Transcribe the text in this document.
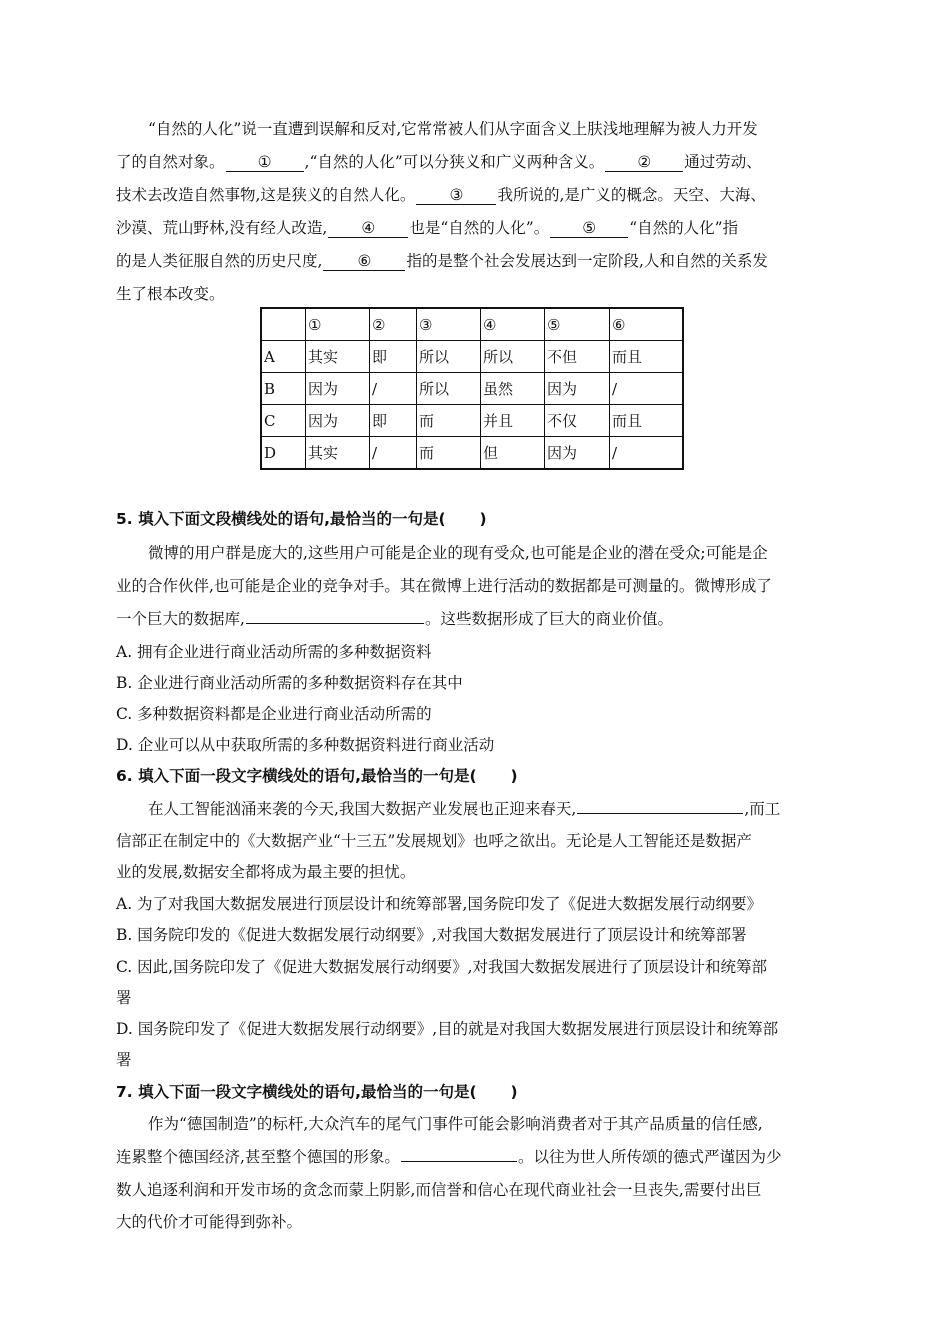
“自然的人化”说一直遭到误解和反对,它常常被人们从字面含义上肤浅地理解为被人力开发
了的自然对象。 ① ,“自然的人化”可以分狭义和广义两种含义。 ② 通过劳动、
技术去改造自然事物,这是狭义的自然人化。 ③ 我所说的,是广义的概念。天空、大海、
沙漠、荒山野林,没有经人改造, ④ 也是“自然的人化”。 ⑤ “自然的人化”指
的是人类征服自然的历史尺度, ⑥ 指的是整个社会发展达到一定阶段,人和自然的关系发
生了根本改变。
	①	②	③	④	⑤	⑥
A	其实	即	所以	所以	不但	而且
B	因为	/	所以	虽然	因为	/
C	因为	即	而	并且	不仅	而且
D	其实	/	而	但	因为	/
5. 填入下面文段横线处的语句,最恰当的一句是( )
微博的用户群是庞大的,这些用户可能是企业的现有受众,也可能是企业的潜在受众;可能是企
业的合作伙伴,也可能是企业的竞争对手。其在微博上进行活动的数据都是可测量的。微博形成了
一个巨大的数据库,	。这些数据形成了巨大的商业价值。
A. 拥有企业进行商业活动所需的多种数据资料
B. 企业进行商业活动所需的多种数据资料存在其中
C. 多种数据资料都是企业进行商业活动所需的
D. 企业可以从中获取所需的多种数据资料进行商业活动
6. 填入下面一段文字横线处的语句,最恰当的一句是( )
在人工智能汹涌来袭的今天,我国大数据产业发展也正迎来春天,	,而工
信部正在制定中的《大数据产业“十三五”发展规划》也呼之欲出。无论是人工智能还是数据产
业的发展,数据安全都将成为最主要的担忧。
A. 为了对我国大数据发展进行顶层设计和统筹部署,国务院印发了《促进大数据发展行动纲要》
B. 国务院印发的《促进大数据发展行动纲要》,对我国大数据发展进行了顶层设计和统筹部署
C. 因此,国务院印发了《促进大数据发展行动纲要》,对我国大数据发展进行了顶层设计和统筹部
署
D. 国务院印发了《促进大数据发展行动纲要》,目的就是对我国大数据发展进行顶层设计和统筹部
署
7. 填入下面一段文字横线处的语句,最恰当的一句是( )
作为“德国制造”的标杆,大众汽车的尾气门事件可能会影响消费者对于其产品质量的信任感,
连累整个德国经济,甚至整个德国的形象。	。以往为世人所传颂的德式严谨因为少
数人追逐利润和开发市场的贪念而蒙上阴影,而信誉和信心在现代商业社会一旦丧失,需要付出巨
大的代价才可能得到弥补。
